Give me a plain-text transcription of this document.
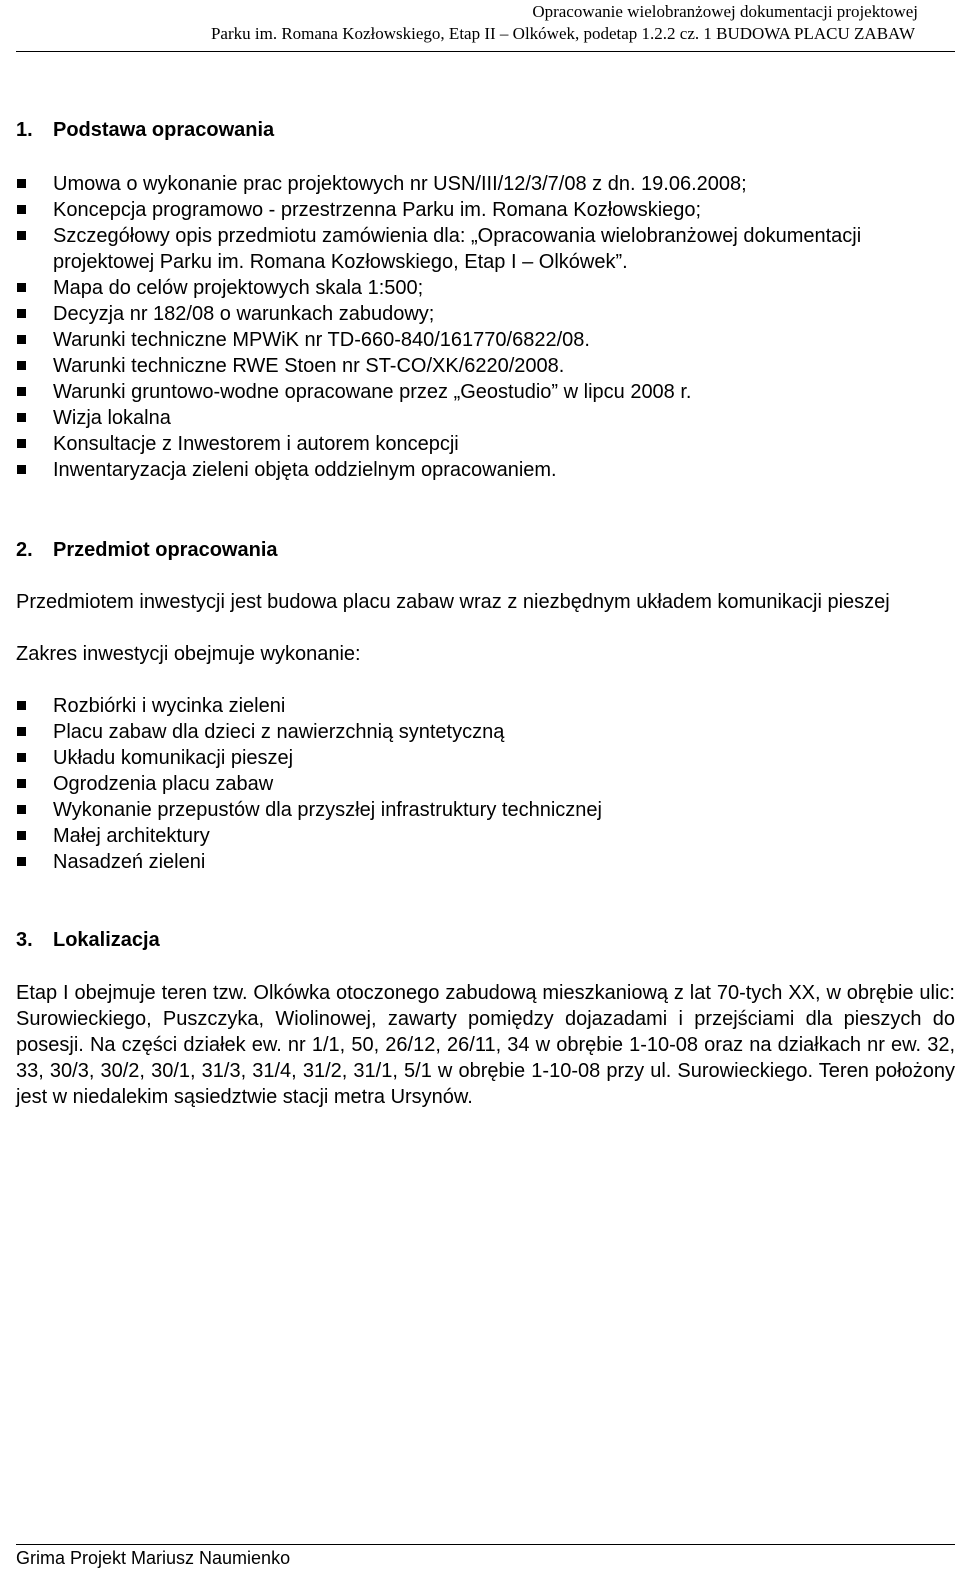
Opracowanie wielobranżowej dokumentacji projektowej
Parku im. Romana Kozłowskiego, Etap II – Olkówek, podetap 1.2.2 cz. 1 BUDOWA PLACU ZABAW
1. Podstawa opracowania
Umowa o wykonanie prac projektowych nr USN/III/12/3/7/08 z dn. 19.06.2008;
Koncepcja programowo - przestrzenna Parku im. Romana Kozłowskiego;
Szczegółowy opis przedmiotu zamówienia dla: „Opracowania wielobranżowej dokumentacji projektowej Parku im. Romana Kozłowskiego, Etap I – Olkówek”.
Mapa do celów projektowych skala 1:500;
Decyzja nr 182/08 o warunkach zabudowy;
Warunki techniczne MPWiK nr TD-660-840/161770/6822/08.
Warunki techniczne RWE Stoen nr ST-CO/XK/6220/2008.
Warunki gruntowo-wodne opracowane przez „Geostudio” w lipcu 2008 r.
Wizja lokalna
Konsultacje z Inwestorem i autorem koncepcji
Inwentaryzacja zieleni objęta oddzielnym opracowaniem.
2. Przedmiot opracowania

Przedmiotem inwestycji jest budowa placu zabaw wraz z niezbędnym układem komunikacji pieszej

Zakres inwestycji obejmuje wykonanie:

Rozbiórki i wycinka zieleni
Placu zabaw dla dzieci z nawierzchnią syntetyczną
Układu komunikacji pieszej
Ogrodzenia placu zabaw
Wykonanie przepustów dla przyszłej infrastruktury technicznej
Małej architektury
Nasadzeń zieleni
3. Lokalizacja

Etap I obejmuje teren tzw. Olkówka otoczonego zabudową mieszkaniową z lat 70-tych XX, w obrębie ulic: Surowieckiego, Puszczyka, Wiolinowej, zawarty pomiędzy dojazadami i przejściami dla pieszych do posesji. Na części działek ew. nr 1/1, 50, 26/12, 26/11, 34 w obrębie 1-10-08 oraz na działkach nr ew. 32, 33, 30/3, 30/2, 30/1, 31/3, 31/4, 31/2, 31/1, 5/1 w obrębie 1-10-08 przy ul. Surowieckiego. Teren położony jest w niedalekim sąsiedztwie stacji metra Ursynów.

Grima Projekt Mariusz Naumienko
